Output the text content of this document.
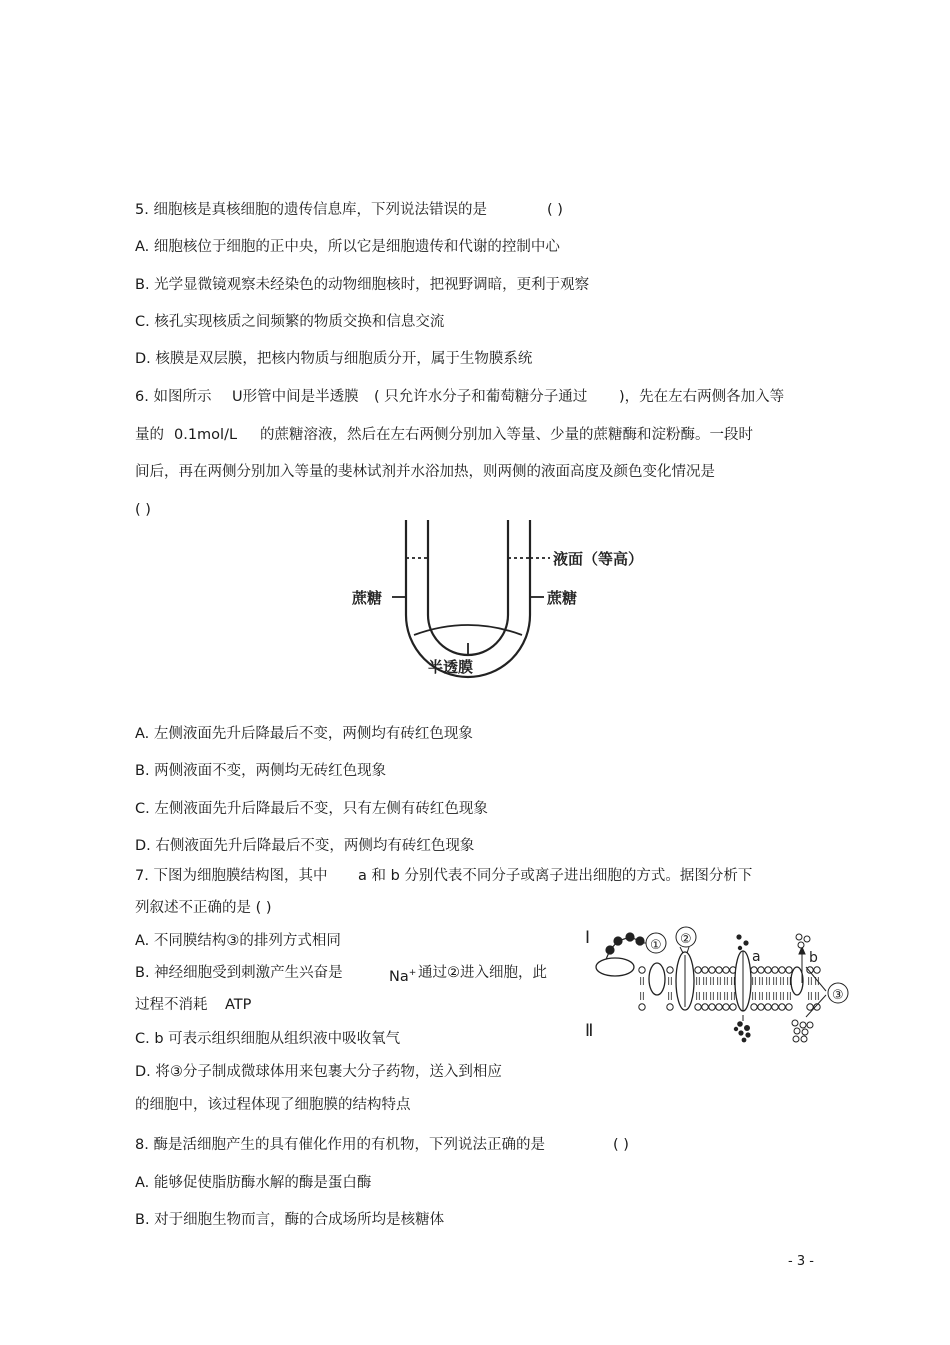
5. 细胞核是真核细胞的遗传信息库，下列说法错误的是	( )
A. 细胞核位于细胞的正中央，所以它是细胞遗传和代谢的控制中心
B. 光学显微镜观察未经染色的动物细胞核时，把视野调暗，更利于观察
C. 核孔实现核质之间频繁的物质交换和信息交流
D. 核膜是双层膜，把核内物质与细胞质分开，属于生物膜系统
6. 如图所示 U形管中间是半透膜 ( 只允许水分子和葡萄糖分子通过 )，先在左右两侧各加入等
量的 0.1mol/L 的蔗糖溶液，然后在左右两侧分别加入等量、少量的蔗糖酶和淀粉酶。一段时
间后，再在两侧分别加入等量的斐林试剂并水浴加热，则两侧的液面高度及颜色变化情况是
( )
液面（等高）
蔗糖	蔗糖
半透膜
A. 左侧液面先升后降最后不变，两侧均有砖红色现象
B. 两侧液面不变，两侧均无砖红色现象
C. 左侧液面先升后降最后不变，只有左侧有砖红色现象
D. 右侧液面先升后降最后不变，两侧均有砖红色现象
7. 下图为细胞膜结构图，其中 a 和 b 分别代表不同分子或离子进出细胞的方式。据图分析下
列叙述不正确的是 ( )
A. 不同膜结构③的排列方式相同
B. 神经细胞受到刺激产生兴奋是	Na+ 通过②进入细胞，此
过程不消耗 ATP
C. b 可表示组织细胞从组织液中吸收氧气
D. 将③分子制成微球体用来包裹大分子药物，送入到相应
的细胞中，该过程体现了细胞膜的结构特点
Ⅰ
Ⅱ
① ②
③
a	b
8. 酶是活细胞产生的具有催化作用的有机物，下列说法正确的是	( )
A. 能够促使脂肪酶水解的酶是蛋白酶
B. 对于细胞生物而言，酶的合成场所均是核糖体
- 3 -
